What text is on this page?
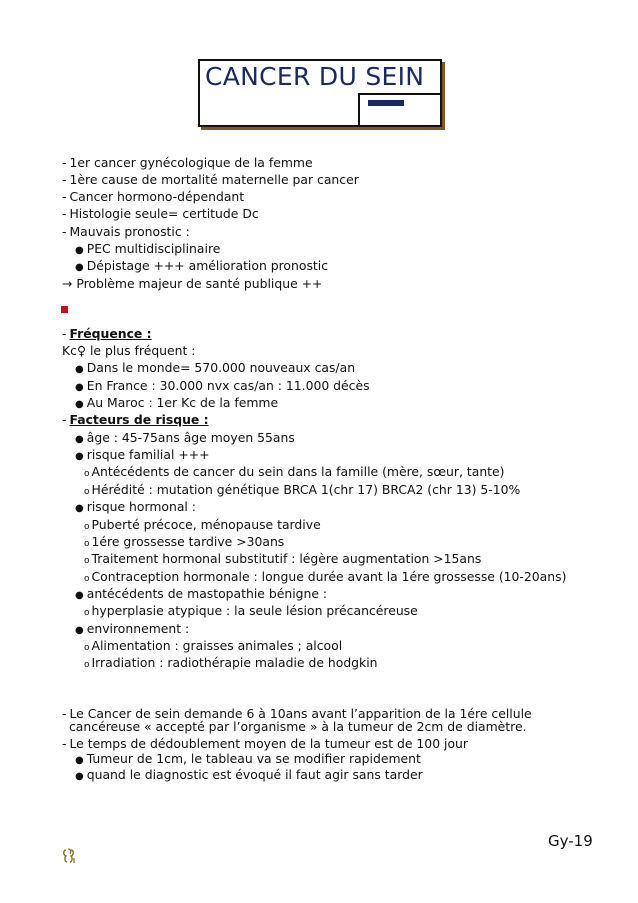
CANCER DU SEIN
- 1er cancer gynécologique de la femme
- 1ère cause de mortalité maternelle par cancer
- Cancer hormono-dépendant
- Histologie seule= certitude Dc
- Mauvais pronostic :
● PEC multidisciplinaire
● Dépistage +++ amélioration pronostic
→ Problème majeur de santé publique ++
- Fréquence :
Kc♀ le plus fréquent :
● Dans le monde= 570.000 nouveaux cas/an
● En France : 30.000 nvx cas/an : 11.000 décès
● Au Maroc : 1er Kc de la femme
- Facteurs de risque :
● âge : 45-75ans âge moyen 55ans
● risque familial +++
o Antécédents de cancer du sein dans la famille (mère, sœur, tante)
o Hérédité : mutation génétique BRCA 1(chr 17) BRCA2 (chr 13) 5-10%
● risque hormonal :
o Puberté précoce, ménopause tardive
o 1ére grossesse tardive >30ans
o Traitement hormonal substitutif : légère augmentation >15ans
o Contraception hormonale : longue durée avant la 1ére grossesse (10-20ans)
● antécédents de mastopathie bénigne :
o hyperplasie atypique : la seule lésion précancéreuse
● environnement :
o Alimentation : graisses animales ; alcool
o Irradiation : radiothérapie maladie de hodgkin
- Le Cancer de sein demande 6 à 10ans avant l’apparition de la 1ére cellule
cancéreuse « accepté par l’organisme » à la tumeur de 2cm de diamètre.
- Le temps de dédoublement moyen de la tumeur est de 100 jour
● Tumeur de 1cm, le tableau va se modifier rapidement
● quand le diagnostic est évoqué il faut agir sans tarder
Gy-19
